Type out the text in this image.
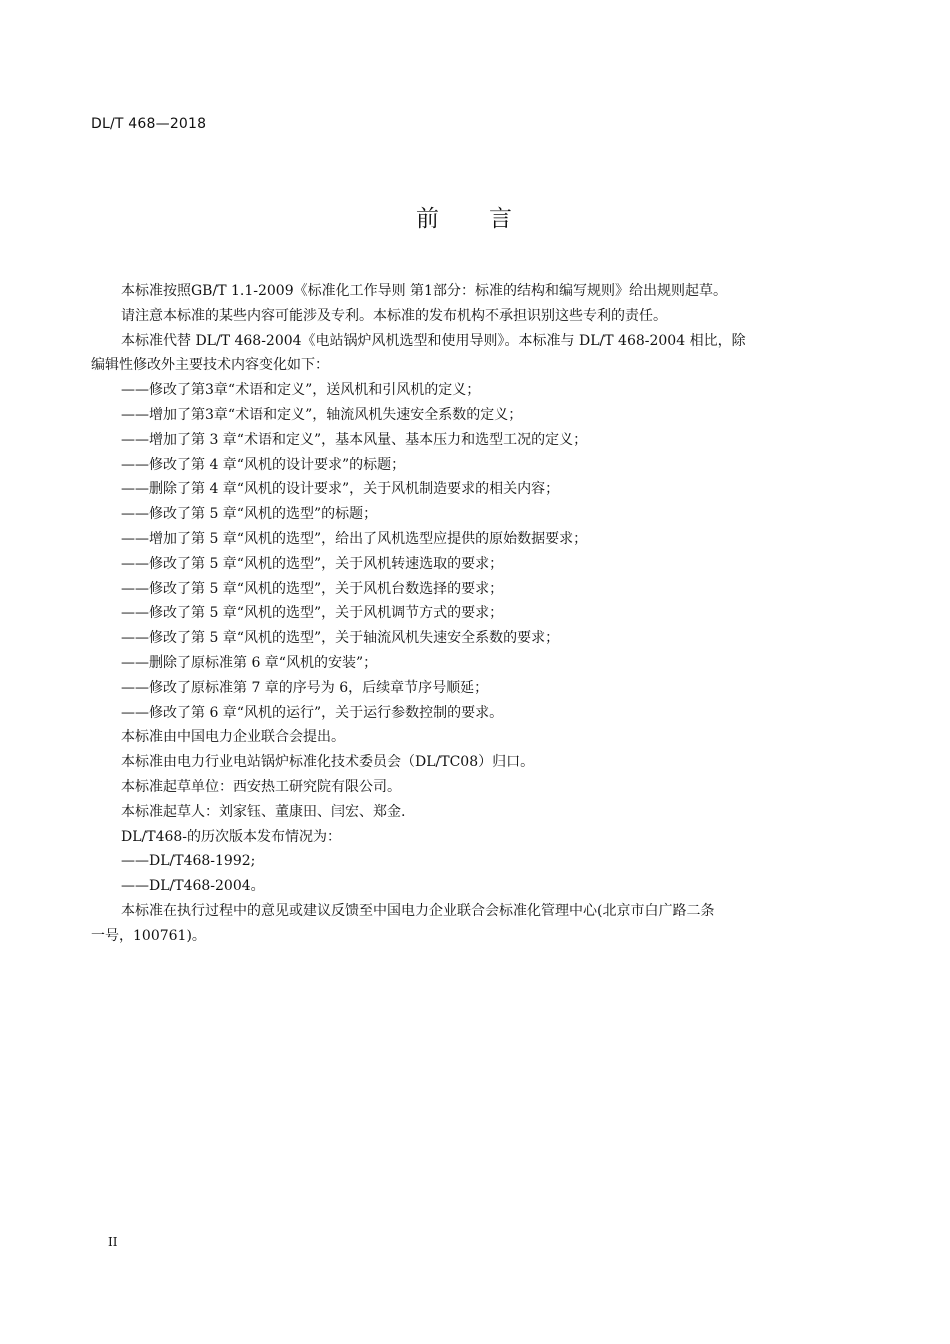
DL/T 468—2018
前 言

本标准按照GB/T 1.1-2009《标准化工作导则 第1部分：标准的结构和编写规则》给出规则起草。

请注意本标准的某些内容可能涉及专利。本标准的发布机构不承担识别这些专利的责任。

本标准代替 DL/T 468-2004《电站锅炉风机选型和使用导则》。本标准与 DL/T 468-2004 相比，除

编辑性修改外主要技术内容变化如下：

——修改了第3章“术语和定义”，送风机和引风机的定义；

——增加了第3章“术语和定义”，轴流风机失速安全系数的定义；

——增加了第 3 章“术语和定义”，基本风量、基本压力和选型工况的定义；

——修改了第 4 章“风机的设计要求”的标题；

——删除了第 4 章“风机的设计要求”，关于风机制造要求的相关内容；

——修改了第 5 章“风机的选型”的标题；

——增加了第 5 章“风机的选型”，给出了风机选型应提供的原始数据要求；

——修改了第 5 章“风机的选型”，关于风机转速选取的要求；

——修改了第 5 章“风机的选型”，关于风机台数选择的要求；

——修改了第 5 章“风机的选型”，关于风机调节方式的要求；

——修改了第 5 章“风机的选型”，关于轴流风机失速安全系数的要求；

——删除了原标准第 6 章“风机的安装”；

——修改了原标准第 7 章的序号为 6，后续章节序号顺延；

——修改了第 6 章“风机的运行”，关于运行参数控制的要求。

本标准由中国电力企业联合会提出。

本标准由电力行业电站锅炉标准化技术委员会（DL/TC08）归口。

本标准起草单位：西安热工研究院有限公司。

本标准起草人：刘家钰、董康田、闫宏、郑金.

DL/T468-的历次版本发布情况为：

——DL/T468-1992;

——DL/T468-2004。

本标准在执行过程中的意见或建议反馈至中国电力企业联合会标准化管理中心(北京市白广路二条

一号，100761)。

II
